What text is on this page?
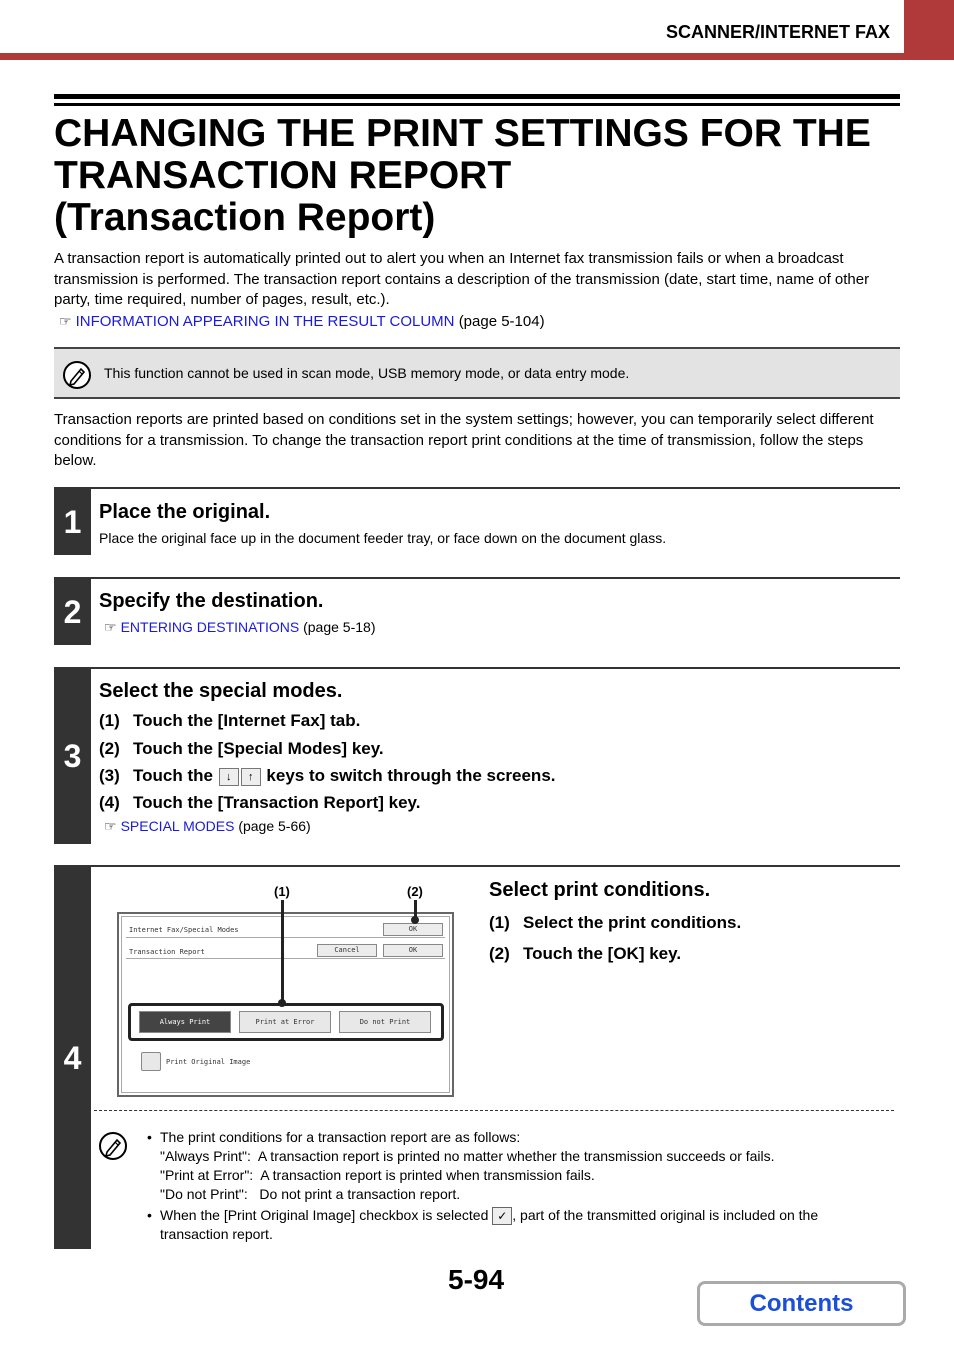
SCANNER/INTERNET FAX
CHANGING THE PRINT SETTINGS FOR THE
TRANSACTION REPORT
(Transaction Report)
A transaction report is automatically printed out to alert you when an Internet fax transmission fails or when a broadcast transmission is performed. The transaction report contains a description of the transmission (date, start time, name of other party, time required, number of pages, result, etc.).
☞ INFORMATION APPEARING IN THE RESULT COLUMN (page 5-104)
This function cannot be used in scan mode, USB memory mode, or data entry mode.
Transaction reports are printed based on conditions set in the system settings; however, you can temporarily select different conditions for a transmission. To change the transaction report print conditions at the time of transmission, follow the steps below.
1 Place the original.
Place the original face up in the document feeder tray, or face down on the document glass.
2 Specify the destination.
☞ ENTERING DESTINATIONS (page 5-18)
3
Select the special modes.
(1) Touch the [Internet Fax] tab.
(2) Touch the [Special Modes] key.
(3) Touch the ↓ ↑ keys to switch through the screens.
(4) Touch the [Transaction Report] key.
☞ SPECIAL MODES (page 5-66)
4
Select print conditions.
(1) Select the print conditions.
(2) Touch the [OK] key.
Internet Fax/Special Modes	OK
Transaction Report	Cancel	OK
Always Print	Print at Error	Do not Print
Print Original Image
(1)	(2)
• The print conditions for a transaction report are as follows:
"Always Print":  A transaction report is printed no matter whether the transmission succeeds or fails.
"Print at Error":  A transaction report is printed when transmission fails.
"Do not Print":   Do not print a transaction report.
• When the [Print Original Image] checkbox is selected ✓ , part of the transmitted original is included on the transaction report.
5-94
Contents
